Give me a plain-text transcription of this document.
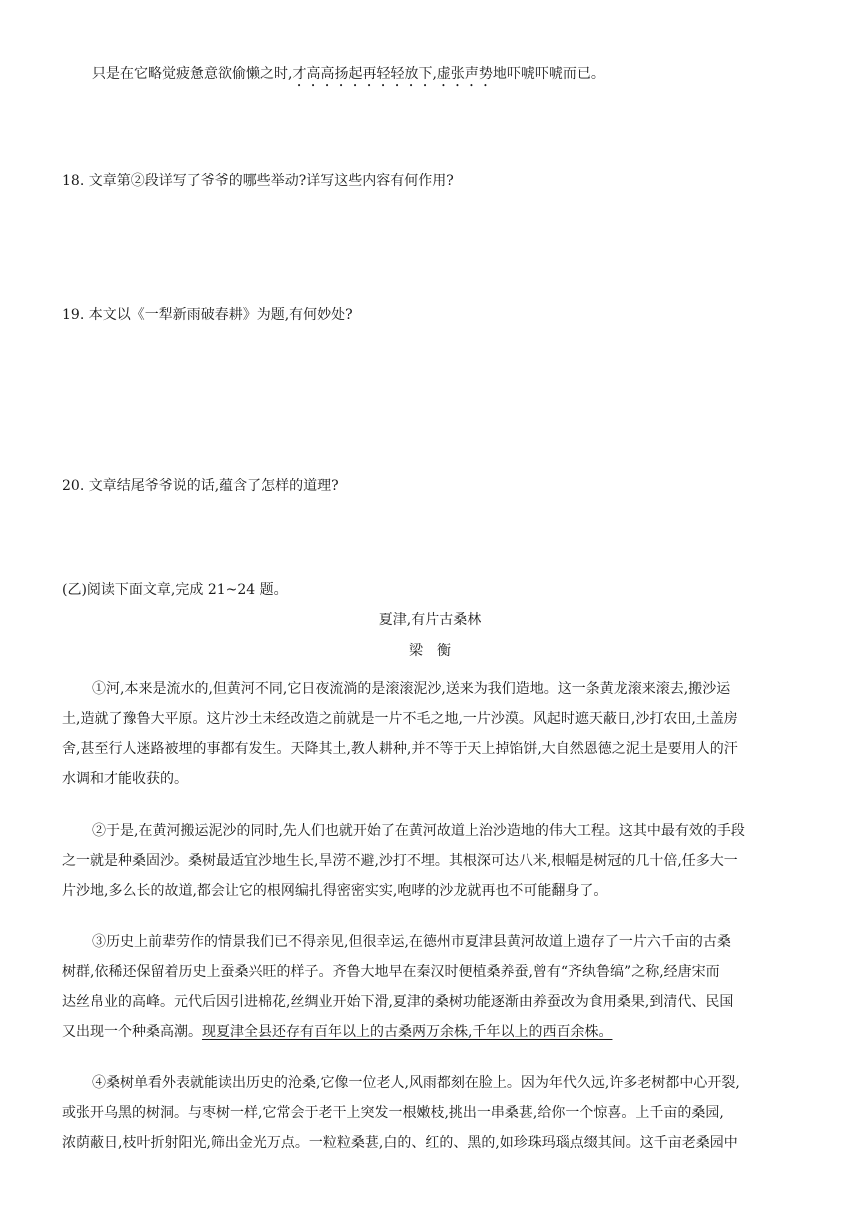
只是在它略觉疲惫意欲偷懒之时,才高高扬起再轻轻放下,虚张声势地吓唬吓唬而已。
18. 文章第②段详写了爷爷的哪些举动?详写这些内容有何作用?
19. 本文以《一犁新雨破春耕》为题,有何妙处?
20. 文章结尾爷爷说的话,蕴含了怎样的道理?
(乙)阅读下面文章,完成 21~24 题。
夏津,有片古桑林
梁　衡
①河,本来是流水的,但黄河不同,它日夜流淌的是滚滚泥沙,送来为我们造地。这一条黄龙滚来滚去,搬沙运
土,造就了豫鲁大平原。这片沙土未经改造之前就是一片不毛之地,一片沙漠。风起时遮天蔽日,沙打农田,土盖房
舍,甚至行人迷路被埋的事都有发生。天降其土,教人耕种,并不等于天上掉馅饼,大自然恩德之泥土是要用人的汗
水调和才能收获的。
②于是,在黄河搬运泥沙的同时,先人们也就开始了在黄河故道上治沙造地的伟大工程。这其中最有效的手段
之一就是种桑固沙。桑树最适宜沙地生长,旱涝不避,沙打不埋。其根深可达八米,根幅是树冠的几十倍,任多大一
片沙地,多么长的故道,都会让它的根网编扎得密密实实,咆哮的沙龙就再也不可能翻身了。
③历史上前辈劳作的情景我们已不得亲见,但很幸运,在德州市夏津县黄河故道上遗存了一片六千亩的古桑
树群,依稀还保留着历史上蚕桑兴旺的样子。齐鲁大地早在秦汉时便植桑养蚕,曾有“齐纨鲁缟”之称,经唐宋而
达丝帛业的高峰。元代后因引进棉花,丝绸业开始下滑,夏津的桑树功能逐渐由养蚕改为食用桑果,到清代、民国
又出现一个种桑高潮。现夏津全县还存有百年以上的古桑两万余株,千年以上的西百余株。
④桑树单看外表就能读出历史的沧桑,它像一位老人,风雨都刻在脸上。因为年代久远,许多老树都中心开裂,
或张开乌黑的树洞。与枣树一样,它常会于老干上突发一根嫩枝,挑出一串桑葚,给你一个惊喜。上千亩的桑园,
浓荫蔽日,枝叶折射阳光,筛出金光万点。一粒粒桑葚,白的、红的、黑的,如珍珠玛瑙点缀其间。这千亩老桑园中
